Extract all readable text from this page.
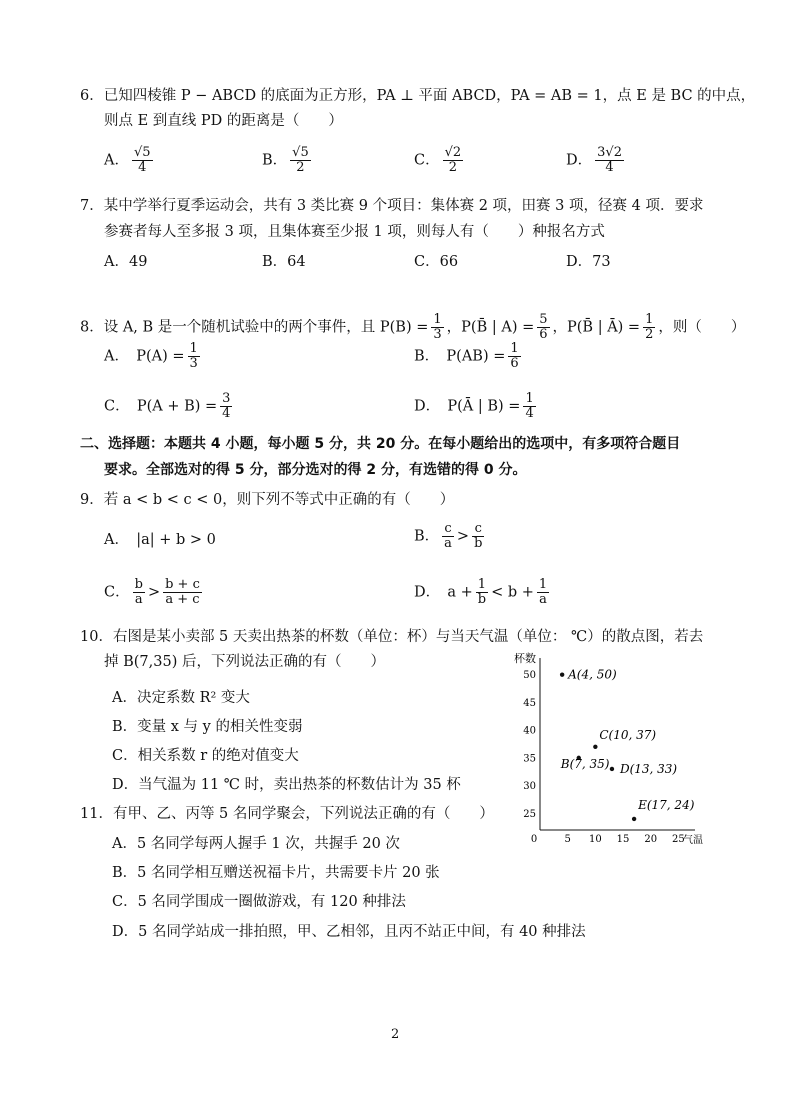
6．已知四棱锥 P − ABCD 的底面为正方形，PA ⊥ 平面 ABCD，PA = AB = 1，点 E 是 BC 的中点，
则点 E 到直线 PD 的距离是（　　）
A． $\frac{√5}{4}$	B． $\frac{√5}{2}$	C． $\frac{√2}{2}$	D． $\frac{3√2}{4}$
7．某中学举行夏季运动会，共有 3 类比赛 9 个项目：集体赛 2 项，田赛 3 项，径赛 4 项．要求
参赛者每人至多报 3 项，且集体赛至少报 1 项，则每人有（　　）种报名方式
A．49	B．64	C．66	D．73
8．设 A, B 是一个随机试验中的两个事件，且 $P(B) = \frac{1}{3}$ ，P(B̄ | $A) = \frac{5}{6}$ ，P(B̄ | Ā) = $\frac{1}{2}$ ，则（　　）
A．　$P(A) = \frac{1}{3}$	B．　$P(AB) = \frac{1}{6}$
C．　$P(A + B) = \frac{3}{4}$	D．　P(Ā | $B) = \frac{1}{4}$
二、选择题：本题共 4 小题，每小题 5 分，共 20 分。在每小题给出的选项中，有多项符合题目
要求。全部选对的得 5 分，部分选对的得 2 分，有选错的得 0 分。
9．若 a < b < c < 0，则下列不等式中正确的有（　　）
A．　|a| + b > 0	B． $\frac{c}{a} > \frac{c}{b}$
C． $\frac{b}{a} > \frac{b + c}{a + c}$	D．　$a + \frac{1}{b} < b + \frac{1}{a}$
10．右图是某小卖部 5 天卖出热茶的杯数（单位：杯）与当天气温（单位： ℃）的散点图，若去
掉 B(7,35) 后，下列说法正确的有（　　）
A．决定系数 R² 变大
B．变量 x 与 y 的相关性变弱
C．相关系数 r 的绝对值变大
D．当气温为 11 ℃ 时，卖出热茶的杯数估计为 35 杯
杯数
气温
0	5 10 15 20 25
25
30
35
40
45
50	A(4, 50)
C(10, 37)
B(7, 35) D(13, 33)
E(17, 24)
11．有甲、乙、丙等 5 名同学聚会，下列说法正确的有（　　）
A．5 名同学每两人握手 1 次，共握手 20 次
B．5 名同学相互赠送祝福卡片，共需要卡片 20 张
C．5 名同学围成一圈做游戏，有 120 种排法
D．5 名同学站成一排拍照，甲、乙相邻，且丙不站正中间，有 40 种排法
2
